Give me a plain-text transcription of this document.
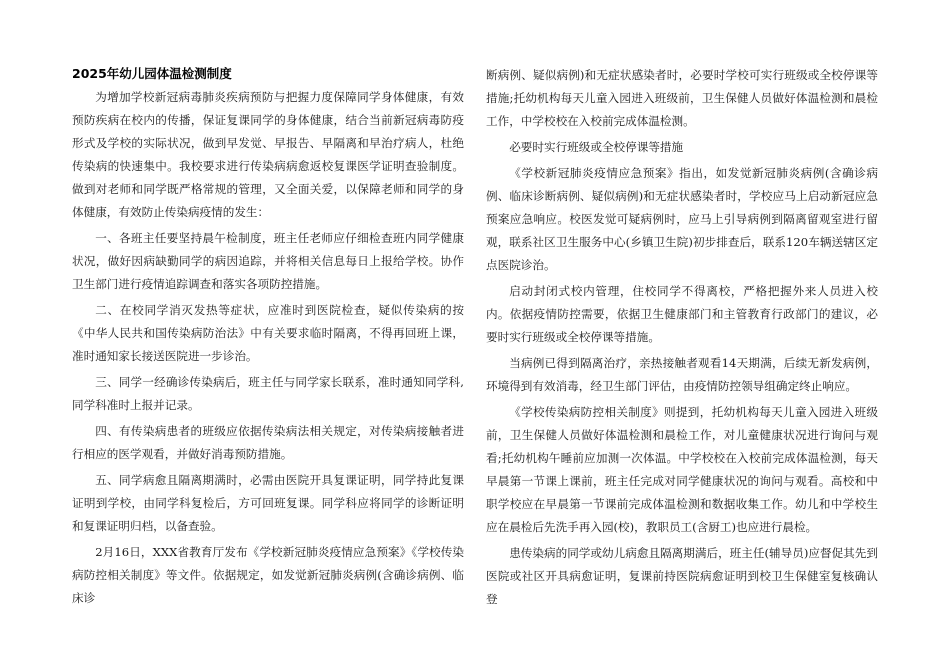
2025年幼儿园体温检测制度

为增加学校新冠病毒肺炎疾病预防与把握力度保障同学身体健康，有效预防疾病在校内的传播，保证复课同学的身体健康，结合当前新冠病毒防疫形式及学校的实际状况，做到早发觉、早报告、早隔离和早治疗病人，杜绝传染病的快速集中。我校要求进行传染病病愈返校复课医学证明查验制度。做到对老师和同学既严格常规的管理，又全面关爱，以保障老师和同学的身体健康，有效防止传染病疫情的发生：

一、各班主任要坚持晨午检制度，班主任老师应仔细检查班内同学健康状况，做好因病缺勤同学的病因追踪，并将相关信息每日上报给学校。协作卫生部门进行疫情追踪调查和落实各项防控措施。

二、在校同学消灭发热等症状，应准时到医院检查，疑似传染病的按《中华人民共和国传染病防治法》中有关要求临时隔离，不得再回班上课，准时通知家长接送医院进一步诊治。

三、同学一经确诊传染病后，班主任与同学家长联系，准时通知同学科,同学科准时上报并记录。

四、有传染病患者的班级应依据传染病法相关规定，对传染病接触者进行相应的医学观看，并做好消毒预防措施。

五、同学病愈且隔离期满时，必需由医院开具复课证明，同学持此复课证明到学校，由同学科复检后，方可回班复课。同学科应将同学的诊断证明和复课证明归档，以备查验。

2月16日，XXX省教育厅发布《学校新冠肺炎疫情应急预案》《学校传染病防控相关制度》等文件。依据规定，如发觉新冠肺炎病例(含确诊病例、临床诊

断病例、疑似病例)和无症状感染者时，必要时学校可实行班级或全校停课等措施;托幼机构每天儿童入园进入班级前，卫生保健人员做好体温检测和晨检工作，中学校校在入校前完成体温检测。

必要时实行班级或全校停课等措施

《学校新冠肺炎疫情应急预案》指出，如发觉新冠肺炎病例(含确诊病例、临床诊断病例、疑似病例)和无症状感染者时，学校应马上启动新冠应急预案应急响应。校医发觉可疑病例时，应马上引导病例到隔离留观室进行留观，联系社区卫生服务中心(乡镇卫生院)初步排查后，联系120车辆送辖区定点医院诊治。

启动封闭式校内管理，住校同学不得离校，严格把握外来人员进入校内。依据疫情防控需要，依据卫生健康部门和主管教育行政部门的建议，必要时实行班级或全校停课等措施。

当病例已得到隔离治疗，亲热接触者观看14天期满，后续无新发病例，环境得到有效消毒，经卫生部门评估，由疫情防控领导组确定终止响应。

《学校传染病防控相关制度》则提到，托幼机构每天儿童入园进入班级前，卫生保健人员做好体温检测和晨检工作，对儿童健康状况进行询问与观看;托幼机构午睡前应加测一次体温。中学校校在入校前完成体温检测，每天早晨第一节课上课前，班主任完成对同学健康状况的询问与观看。高校和中职学校应在早晨第一节课前完成体温检测和数据收集工作。幼儿和中学校生应在晨检后先洗手再入园(校)，教职员工(含厨工)也应进行晨检。

患传染病的同学或幼儿病愈且隔离期满后，班主任(辅导员)应督促其先到医院或社区开具病愈证明，复课前持医院病愈证明到校卫生保健室复核确认登
